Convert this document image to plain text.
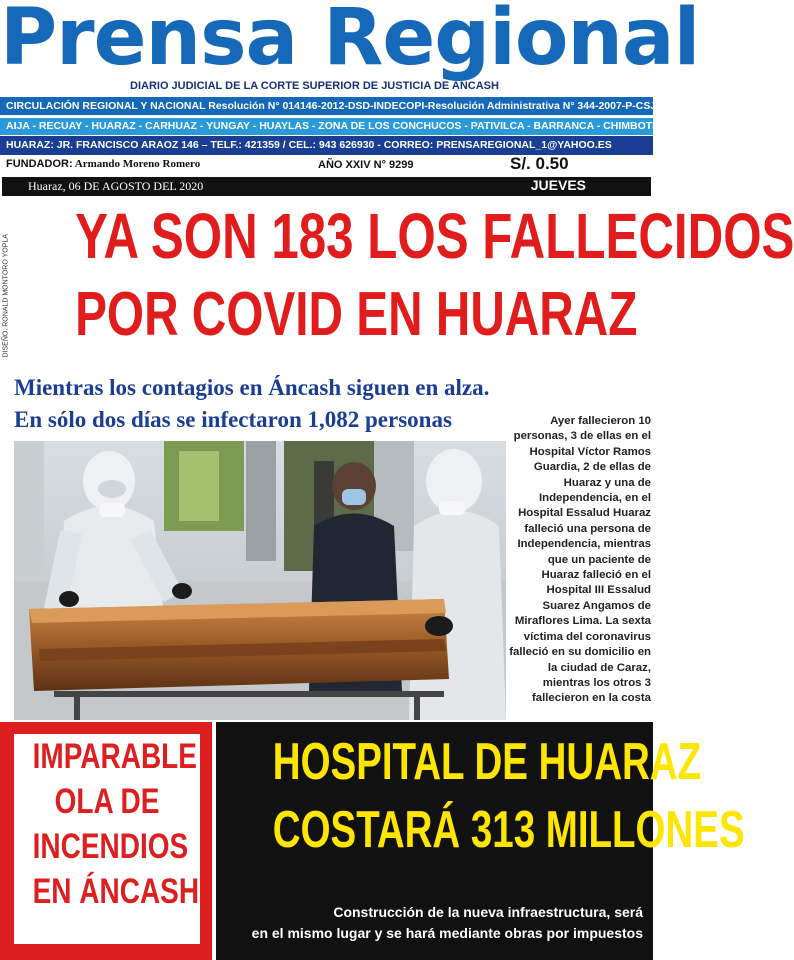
Prensa Regional
DIARIO JUDICIAL DE LA CORTE SUPERIOR DE JUSTICIA DE ANCASH
CIRCULACIÓN REGIONAL Y NACIONAL Resolución N° 014146-2012-DSD-INDECOPI-Resolución Administrativa N° 344-2007-P-CSJAN/PJ
AIJA - RECUAY - HUARAZ - CARHUAZ - YUNGAY - HUAYLAS - ZONA DE LOS CONCHUCOS - PATIVILCA - BARRANCA - CHIMBOTE - LIMA NORTE
HUARAZ: JR. FRANCISCO ARAOZ 146 – TELF.: 421359 / CEL.: 943 626930 - CORREO: PRENSAREGIONAL_1@YAHOO.ES
FUNDADOR: Armando Moreno Romero	AÑO XXIV N° 9299	S/. 0.50
Huaraz, 06 DE AGOSTO DEL 2020	JUEVES
DISEÑO: RONALD MONTORO YOPLA YA SON 183 LOS FALLECIDOS
POR COVID EN HUARAZ
Mientras los contagios en Áncash siguen en alza.
En sólo dos días se infectaron 1,082 personas	Ayer fallecieron 10 personas, 3 de ellas en el Hospital Víctor Ramos Guardia, 2 de ellas de Huaraz y una de Independencia, en el Hospital Essalud Huaraz falleció una persona de Independencia, mientras que un paciente de Huaraz falleció en el Hospital III Essalud Suarez Angamos de Miraflores Lima. La sexta víctima del coronavirus falleció en su domicilio en la ciudad de Caraz, mientras los otros 3 fallecieron en la costa
IMPARABLE
OLA DE
INCENDIOS
EN ÁNCASH
HOSPITAL DE HUARAZ
COSTARÁ 313 MILLONES
Construcción de la nueva infraestructura, será
en el mismo lugar y se hará mediante obras por impuestos
